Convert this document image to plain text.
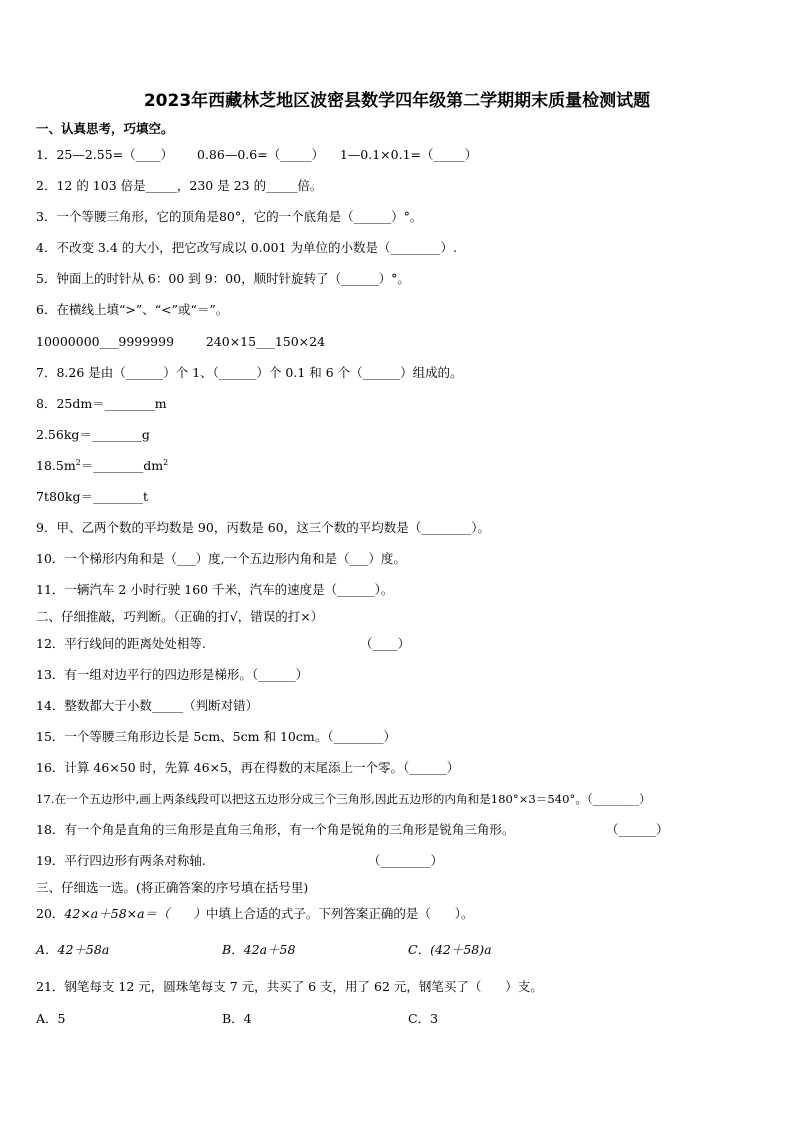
2023年西藏林芝地区波密县数学四年级第二学期期末质量检测试题
一、认真思考，巧填空。
1．25—2.55=（____）      0.86—0.6=（_____）    1—0.1×0.1=（_____）
2．12 的 103 倍是_____，230 是 23 的_____倍。
3．一个等腰三角形，它的顶角是80°，它的一个底角是（______）°。
4．不改变 3.4 的大小，把它改写成以 0.001 为单位的小数是（________）.
5．钟面上的时针从 6：00 到 9：00，顺时针旋转了（______）°。
6．在横线上填“>”、“<”或“＝”。
10000000___9999999        240×15___150×24
7．8.26 是由（______）个 1、（______）个 0.1 和 6 个（______）组成的。
8．25dm＝________m
2.56kg＝________g
$18.5m^2=\_\_\_\_\_\_\_\_dm^2$
7t80kg＝________t
9．甲、乙两个数的平均数是 90，丙数是 60，这三个数的平均数是（________）。
10．一个梯形内角和是（___）度,一个五边形内角和是（___）度。
11．一辆汽车 2 小时行驶 160 千米，汽车的速度是（______）。
二、仔细推敲，巧判断。（正确的打√，错误的打×）
12．平行线间的距离处处相等.	（____）
13．有一组对边平行的四边形是梯形。（______）
14．整数都大于小数_____（判断对错）
15．一个等腰三角形边长是 5cm、5cm 和 10cm。（________）
16．计算 46×50 时，先算 46×5，再在得数的末尾添上一个零。（______）
17.在一个五边形中,画上两条线段可以把这五边形分成三个三角形,因此五边形的内角和是180°×3＝540°。（________）
18．有一个角是直角的三角形是直角三角形，有一个角是锐角的三角形是锐角三角形。	（______）
19．平行四边形有两条对称轴.	（________）
三、仔细选一选。(将正确答案的序号填在括号里)
20．42×a＋58×a＝（      ）中填上合适的式子。下列答案正确的是（      ）。
A．42＋58a	B．42a＋58	C．(42＋58)a
21．钢笔每支 12 元，圆珠笔每支 7 元，共买了 6 支，用了 62 元，钢笔买了（      ）支。
A．5	B．4	C．3
